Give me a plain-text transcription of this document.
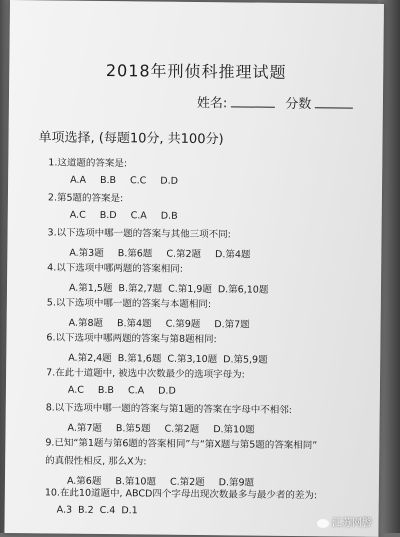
2018年刑侦科推理试题
姓名:	分数
单项选择, (每题10分, 共100分)
1.这道题的答案是:
A.A B.B C.C D.D
2.第5题的答案是:
A.C B.D C.A D.B
3.以下选项中哪一题的答案与其他三项不同:
A.第3题 B.第6题 C.第2题 D.第4题
4.以下选项中哪两题的答案相同:
A.第1,5题 B.第2,7题 C.第1,9题 D.第6,10题
5.以下选项中哪一题的答案与本题相同:
A.第8题 B.第4题 C.第9题 D.第7题
6.以下选项中哪两题的答案与第8题相同:
A.第2,4题 B.第1,6题 C.第3,10题 D.第5,9题
7.在此十道题中, 被选中次数最少的选项字母为:
A.C B.B C.A D.D
8.以下选项中哪一题的答案与第1题的答案在字母中不相邻:
A.第7题 B.第5题 C.第2题 D.第10题
9.已知“第1题与第6题的答案相同”与“第X题与第5题的答案相同”
的真假性相反, 那么X为:
A.第6题 B.第10题 C.第2题 D.第9题
10.在此10道题中, ABCD四个字母出现次数最多与最少者的差为:
A.3 B.2 C.4 D.1
江苏网警
